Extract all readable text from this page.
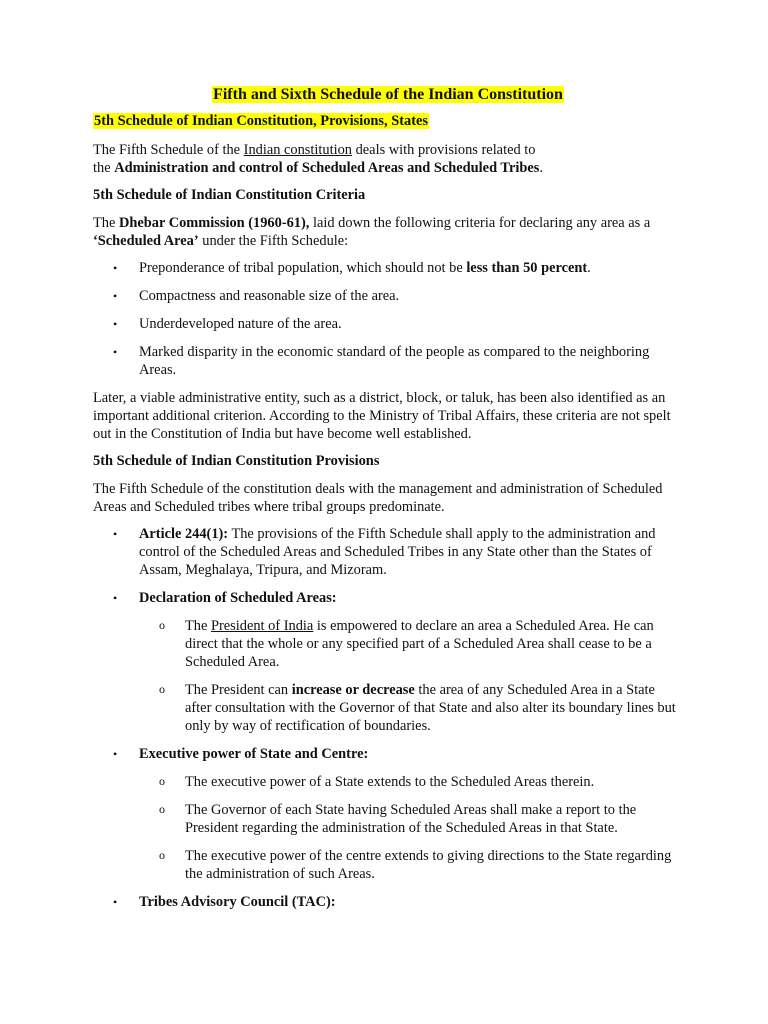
Fifth and Sixth Schedule of the Indian Constitution
5th Schedule of Indian Constitution, Provisions, States

The Fifth Schedule of the Indian constitution deals with provisions related to
the Administration and control of Scheduled Areas and Scheduled Tribes.

5th Schedule of Indian Constitution Criteria

The Dhebar Commission (1960-61), laid down the following criteria for declaring any area as a ‘Scheduled Area’ under the Fifth Schedule:

• Preponderance of tribal population, which should not be less than 50 percent.
• Compactness and reasonable size of the area.
• Underdeveloped nature of the area.
• Marked disparity in the economic standard of the people as compared to the neighboring Areas.

Later, a viable administrative entity, such as a district, block, or taluk, has been also identified as an important additional criterion. According to the Ministry of Tribal Affairs, these criteria are not spelt out in the Constitution of India but have become well established.

5th Schedule of Indian Constitution Provisions

The Fifth Schedule of the constitution deals with the management and administration of Scheduled Areas and Scheduled tribes where tribal groups predominate.

• Article 244(1): The provisions of the Fifth Schedule shall apply to the administration and control of the Scheduled Areas and Scheduled Tribes in any State other than the States of Assam, Meghalaya, Tripura, and Mizoram.
• Declaration of Scheduled Areas:
o The President of India is empowered to declare an area a Scheduled Area. He can direct that the whole or any specified part of a Scheduled Area shall cease to be a Scheduled Area.
o The President can increase or decrease the area of any Scheduled Area in a State after consultation with the Governor of that State and also alter its boundary lines but only by way of rectification of boundaries.
• Executive power of State and Centre:
o The executive power of a State extends to the Scheduled Areas therein.
o The Governor of each State having Scheduled Areas shall make a report to the President regarding the administration of the Scheduled Areas in that State.
o The executive power of the centre extends to giving directions to the State regarding the administration of such Areas.
• Tribes Advisory Council (TAC):
